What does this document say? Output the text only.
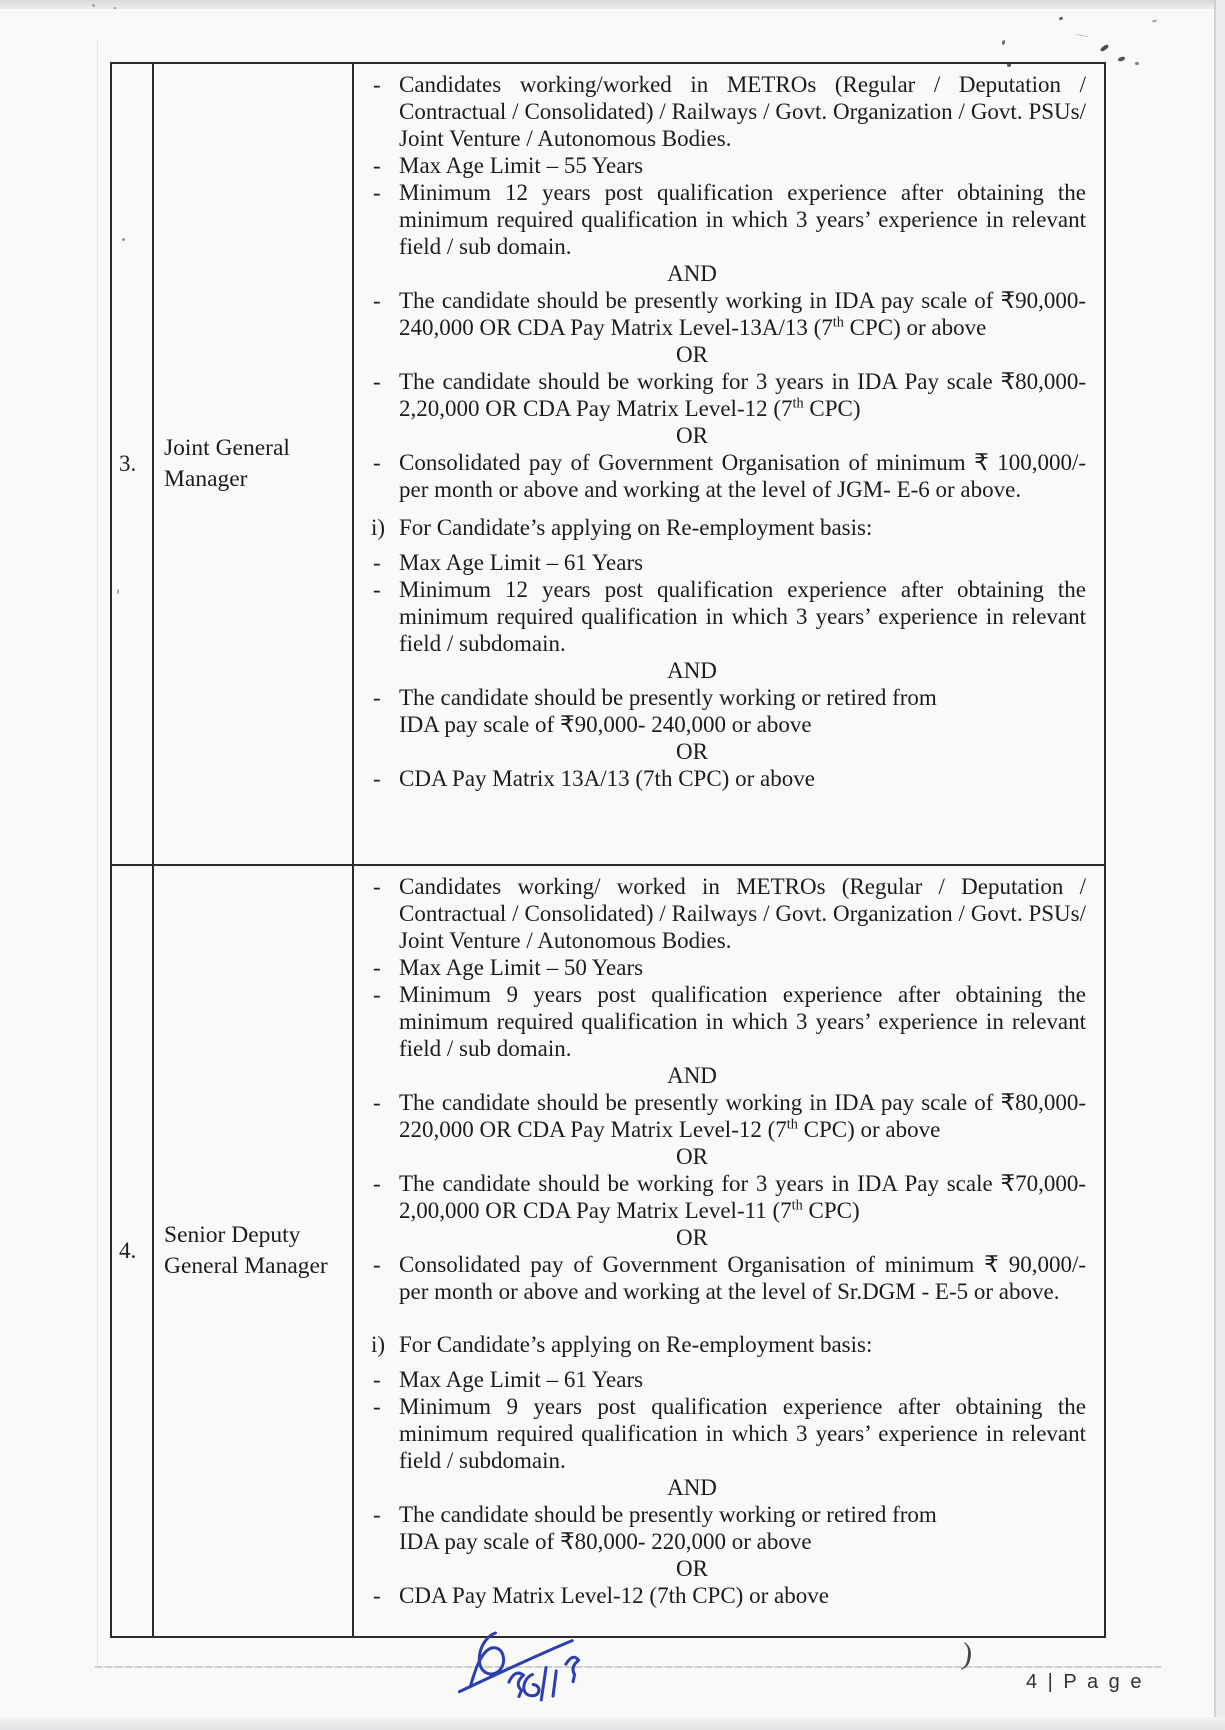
3.
Joint General Manager
- Candidates working/worked in METROs (Regular / Deputation / Contractual / Consolidated) / Railways / Govt. Organization / Govt. PSUs/ Joint Venture / Autonomous Bodies.
- Max Age Limit – 55 Years
- Minimum 12 years post qualification experience after obtaining the minimum required qualification in which 3 years’ experience in relevant field / sub domain.
AND
- The candidate should be presently working in IDA pay scale of ₹90,000- 240,000 OR CDA Pay Matrix Level-13A/13 (7th CPC) or above
OR
- The candidate should be working for 3 years in IDA Pay scale ₹80,000-2,20,000 OR CDA Pay Matrix Level-12 (7th CPC)
OR
- Consolidated pay of Government Organisation of minimum ₹ 100,000/- per month or above and working at the level of JGM- E-6 or above.
i) For Candidate’s applying on Re-employment basis:
- Max Age Limit – 61 Years
- Minimum 12 years post qualification experience after obtaining the minimum required qualification in which 3 years’ experience in relevant field / subdomain.
AND
- The candidate should be presently working or retired from
IDA pay scale of ₹90,000- 240,000 or above
OR
- CDA Pay Matrix 13A/13 (7th CPC) or above
4.
Senior Deputy General Manager
- Candidates working/ worked in METROs (Regular / Deputation / Contractual / Consolidated) / Railways / Govt. Organization / Govt. PSUs/ Joint Venture / Autonomous Bodies.
- Max Age Limit – 50 Years
- Minimum 9 years post qualification experience after obtaining the minimum required qualification in which 3 years’ experience in relevant field / sub domain.
AND
- The candidate should be presently working in IDA pay scale of ₹80,000- 220,000 OR CDA Pay Matrix Level-12 (7th CPC) or above
OR
- The candidate should be working for 3 years in IDA Pay scale ₹70,000-2,00,000 OR CDA Pay Matrix Level-11 (7th CPC)
OR
- Consolidated pay of Government Organisation of minimum ₹ 90,000/- per month or above and working at the level of Sr.DGM - E-5 or above.
i) For Candidate’s applying on Re-employment basis:
- Max Age Limit – 61 Years
- Minimum 9 years post qualification experience after obtaining the minimum required qualification in which 3 years’ experience in relevant field / subdomain.
AND
- The candidate should be presently working or retired from
IDA pay scale of ₹80,000- 220,000 or above
OR
- CDA Pay Matrix Level-12 (7th CPC) or above
)
4 | P a g e
